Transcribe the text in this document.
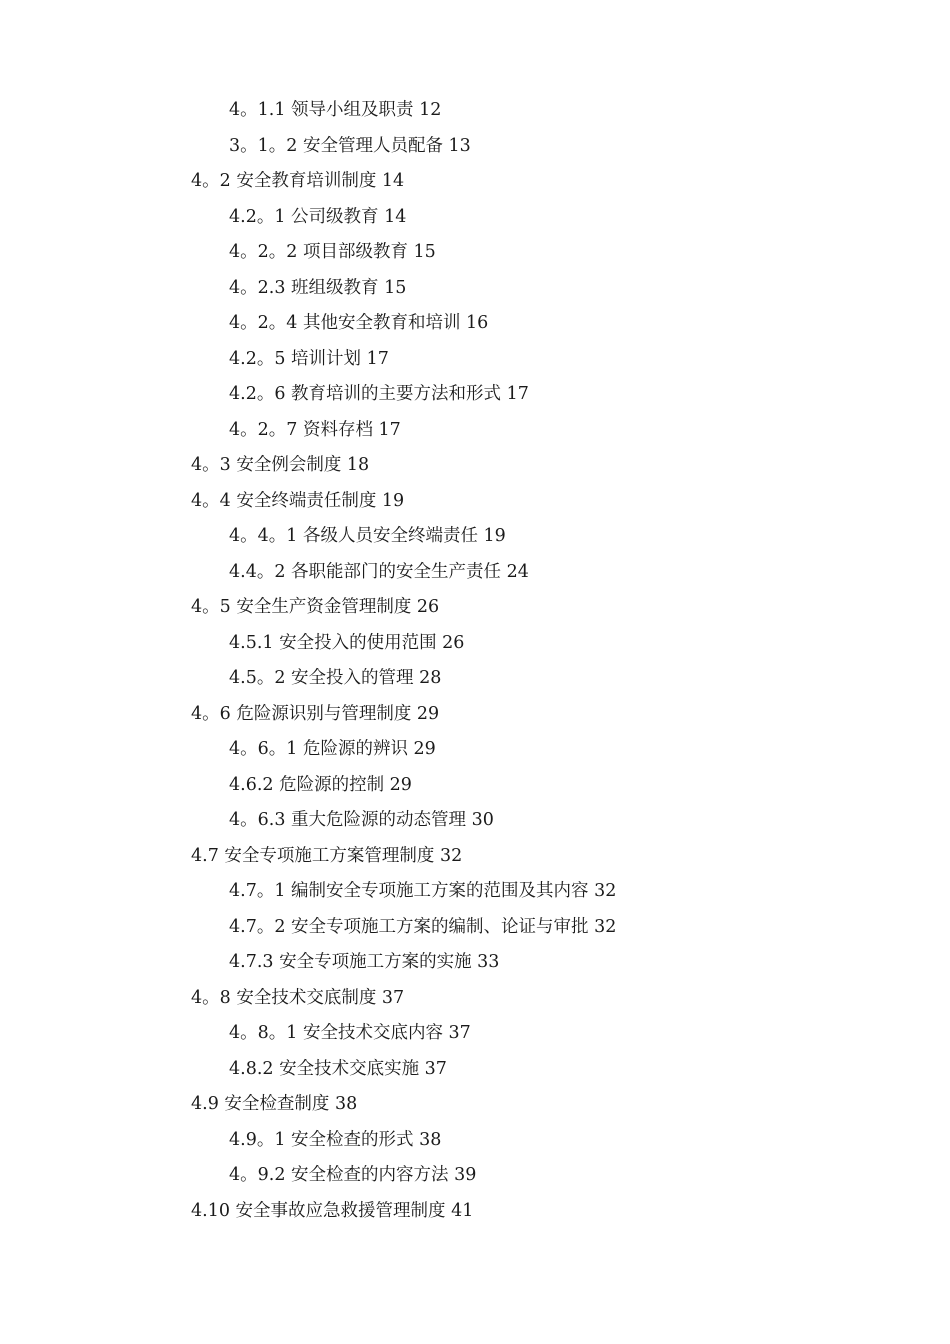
4。1.1 领导小组及职责 12
3。1。2 安全管理人员配备 13
4。2 安全教育培训制度 14
4.2。1 公司级教育 14
4。2。2 项目部级教育 15
4。2.3 班组级教育 15
4。2。4 其他安全教育和培训 16
4.2。5 培训计划 17
4.2。6 教育培训的主要方法和形式 17
4。2。7 资料存档 17
4。3 安全例会制度 18
4。4 安全终端责任制度 19
4。4。1 各级人员安全终端责任 19
4.4。2 各职能部门的安全生产责任 24
4。5 安全生产资金管理制度 26
4.5.1 安全投入的使用范围 26
4.5。2 安全投入的管理 28
4。6 危险源识别与管理制度 29
4。6。1 危险源的辨识 29
4.6.2 危险源的控制 29
4。6.3 重大危险源的动态管理 30
4.7 安全专项施工方案管理制度 32
4.7。1 编制安全专项施工方案的范围及其内容 32
4.7。2 安全专项施工方案的编制、论证与审批 32
4.7.3 安全专项施工方案的实施 33
4。8 安全技术交底制度 37
4。8。1 安全技术交底内容 37
4.8.2 安全技术交底实施 37
4.9 安全检查制度 38
4.9。1 安全检查的形式 38
4。9.2 安全检查的内容方法 39
4.10 安全事故应急救援管理制度 41
